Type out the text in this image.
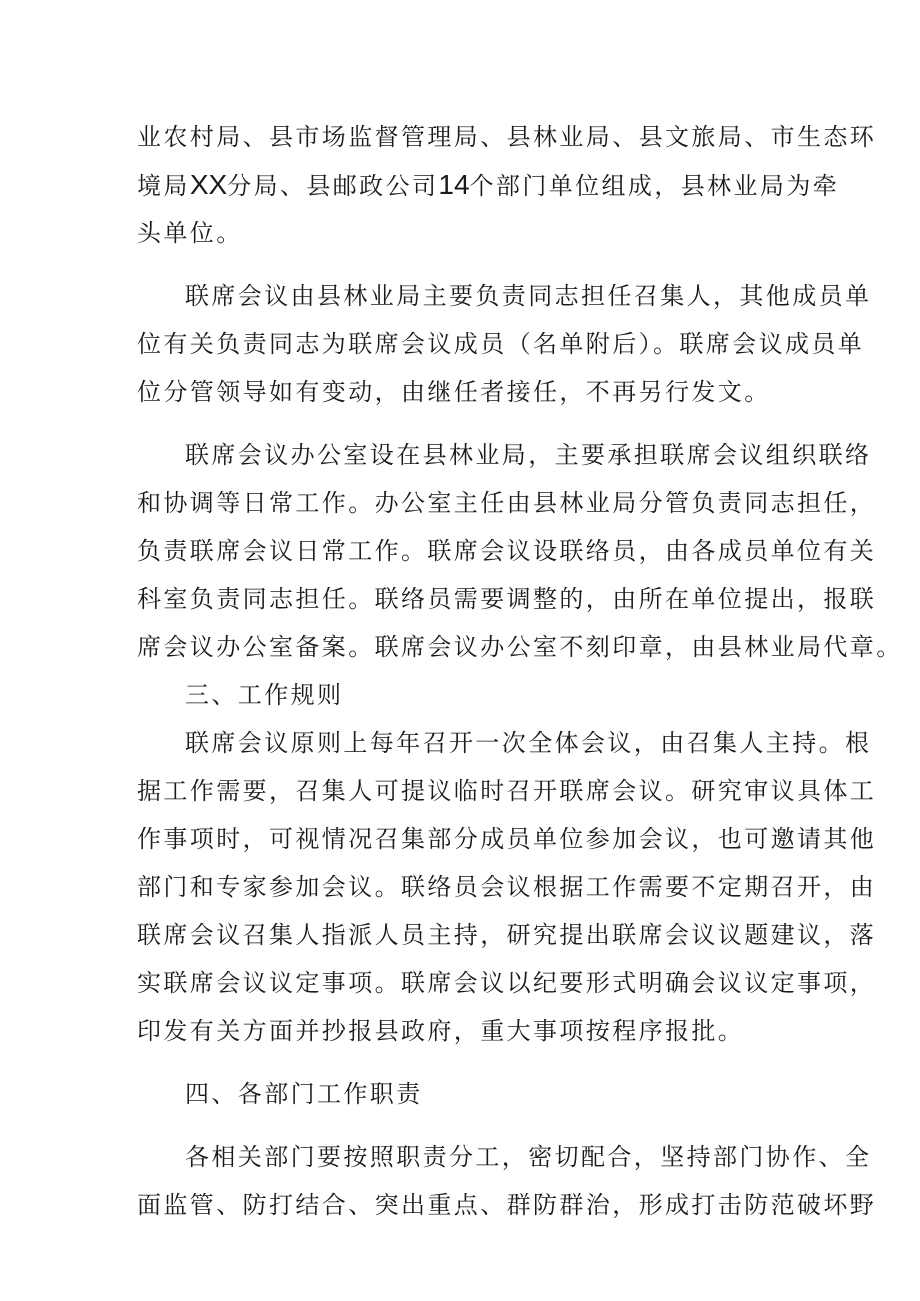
业农村局、县市场监督管理局、县林业局、县文旅局、市生态环

境局XX分局、县邮政公司14个部门单位组成，县林业局为牵

头单位。

联席会议由县林业局主要负责同志担任召集人，其他成员单

位有关负责同志为联席会议成员（名单附后）。联席会议成员单

位分管领导如有变动，由继任者接任，不再另行发文。

联席会议办公室设在县林业局，主要承担联席会议组织联络

和协调等日常工作。办公室主任由县林业局分管负责同志担任，

负责联席会议日常工作。联席会议设联络员，由各成员单位有关

科室负责同志担任。联络员需要调整的，由所在单位提出，报联

席会议办公室备案。联席会议办公室不刻印章，由县林业局代章。

三、工作规则

联席会议原则上每年召开一次全体会议，由召集人主持。根

据工作需要，召集人可提议临时召开联席会议。研究审议具体工

作事项时，可视情况召集部分成员单位参加会议，也可邀请其他

部门和专家参加会议。联络员会议根据工作需要不定期召开，由

联席会议召集人指派人员主持，研究提出联席会议议题建议，落

实联席会议议定事项。联席会议以纪要形式明确会议议定事项，

印发有关方面并抄报县政府，重大事项按程序报批。

四、各部门工作职责

各相关部门要按照职责分工，密切配合，坚持部门协作、全

面监管、防打结合、突出重点、群防群治，形成打击防范破坏野
